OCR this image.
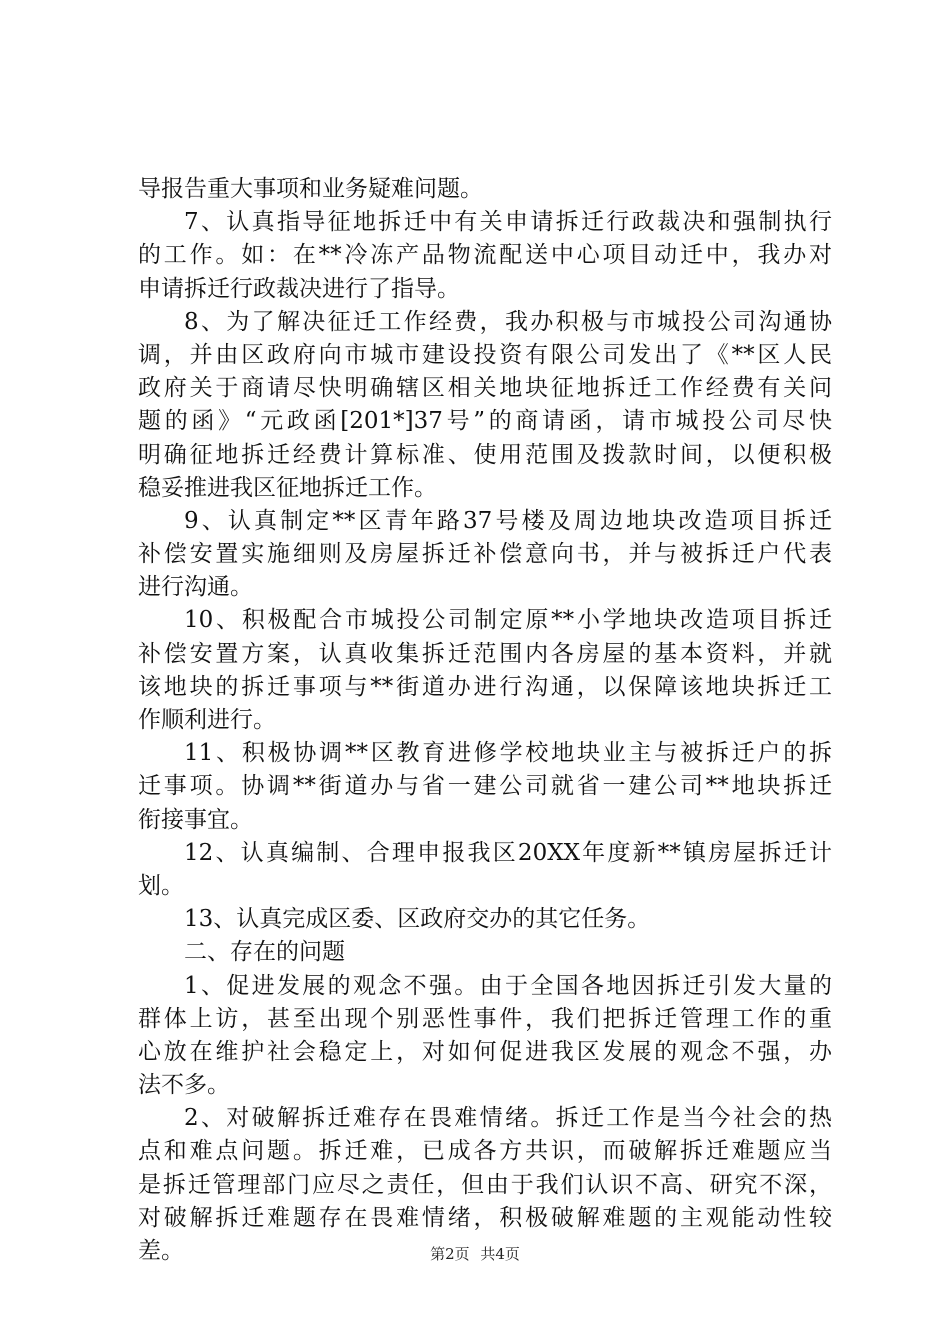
导报告重大事项和业务疑难问题。
7、认真指导征地拆迁中有关申请拆迁行政裁决和强制执行
的工作。如：在**冷冻产品物流配送中心项目动迁中，我办对
申请拆迁行政裁决进行了指导。
8、为了解决征迁工作经费，我办积极与市城投公司沟通协
调，并由区政府向市城市建设投资有限公司发出了《**区人民
政府关于商请尽快明确辖区相关地块征地拆迁工作经费有关问
题的函》“元政函[201*]37号”的商请函，请市城投公司尽快
明确征地拆迁经费计算标准、使用范围及拨款时间，以便积极
稳妥推进我区征地拆迁工作。
9、认真制定**区青年路37号楼及周边地块改造项目拆迁
补偿安置实施细则及房屋拆迁补偿意向书，并与被拆迁户代表
进行沟通。
10、积极配合市城投公司制定原**小学地块改造项目拆迁
补偿安置方案，认真收集拆迁范围内各房屋的基本资料，并就
该地块的拆迁事项与**街道办进行沟通，以保障该地块拆迁工
作顺利进行。
11、积极协调**区教育进修学校地块业主与被拆迁户的拆
迁事项。协调**街道办与省一建公司就省一建公司**地块拆迁
衔接事宜。
12、认真编制、合理申报我区20XX年度新**镇房屋拆迁计
划。
13、认真完成区委、区政府交办的其它任务。
二、存在的问题
1、促进发展的观念不强。由于全国各地因拆迁引发大量的
群体上访，甚至出现个别恶性事件，我们把拆迁管理工作的重
心放在维护社会稳定上，对如何促进我区发展的观念不强，办
法不多。
2、对破解拆迁难存在畏难情绪。拆迁工作是当今社会的热
点和难点问题。拆迁难，已成各方共识，而破解拆迁难题应当
是拆迁管理部门应尽之责任，但由于我们认识不高、研究不深，
对破解拆迁难题存在畏难情绪，积极破解难题的主观能动性较
差。	第2页 共4页
